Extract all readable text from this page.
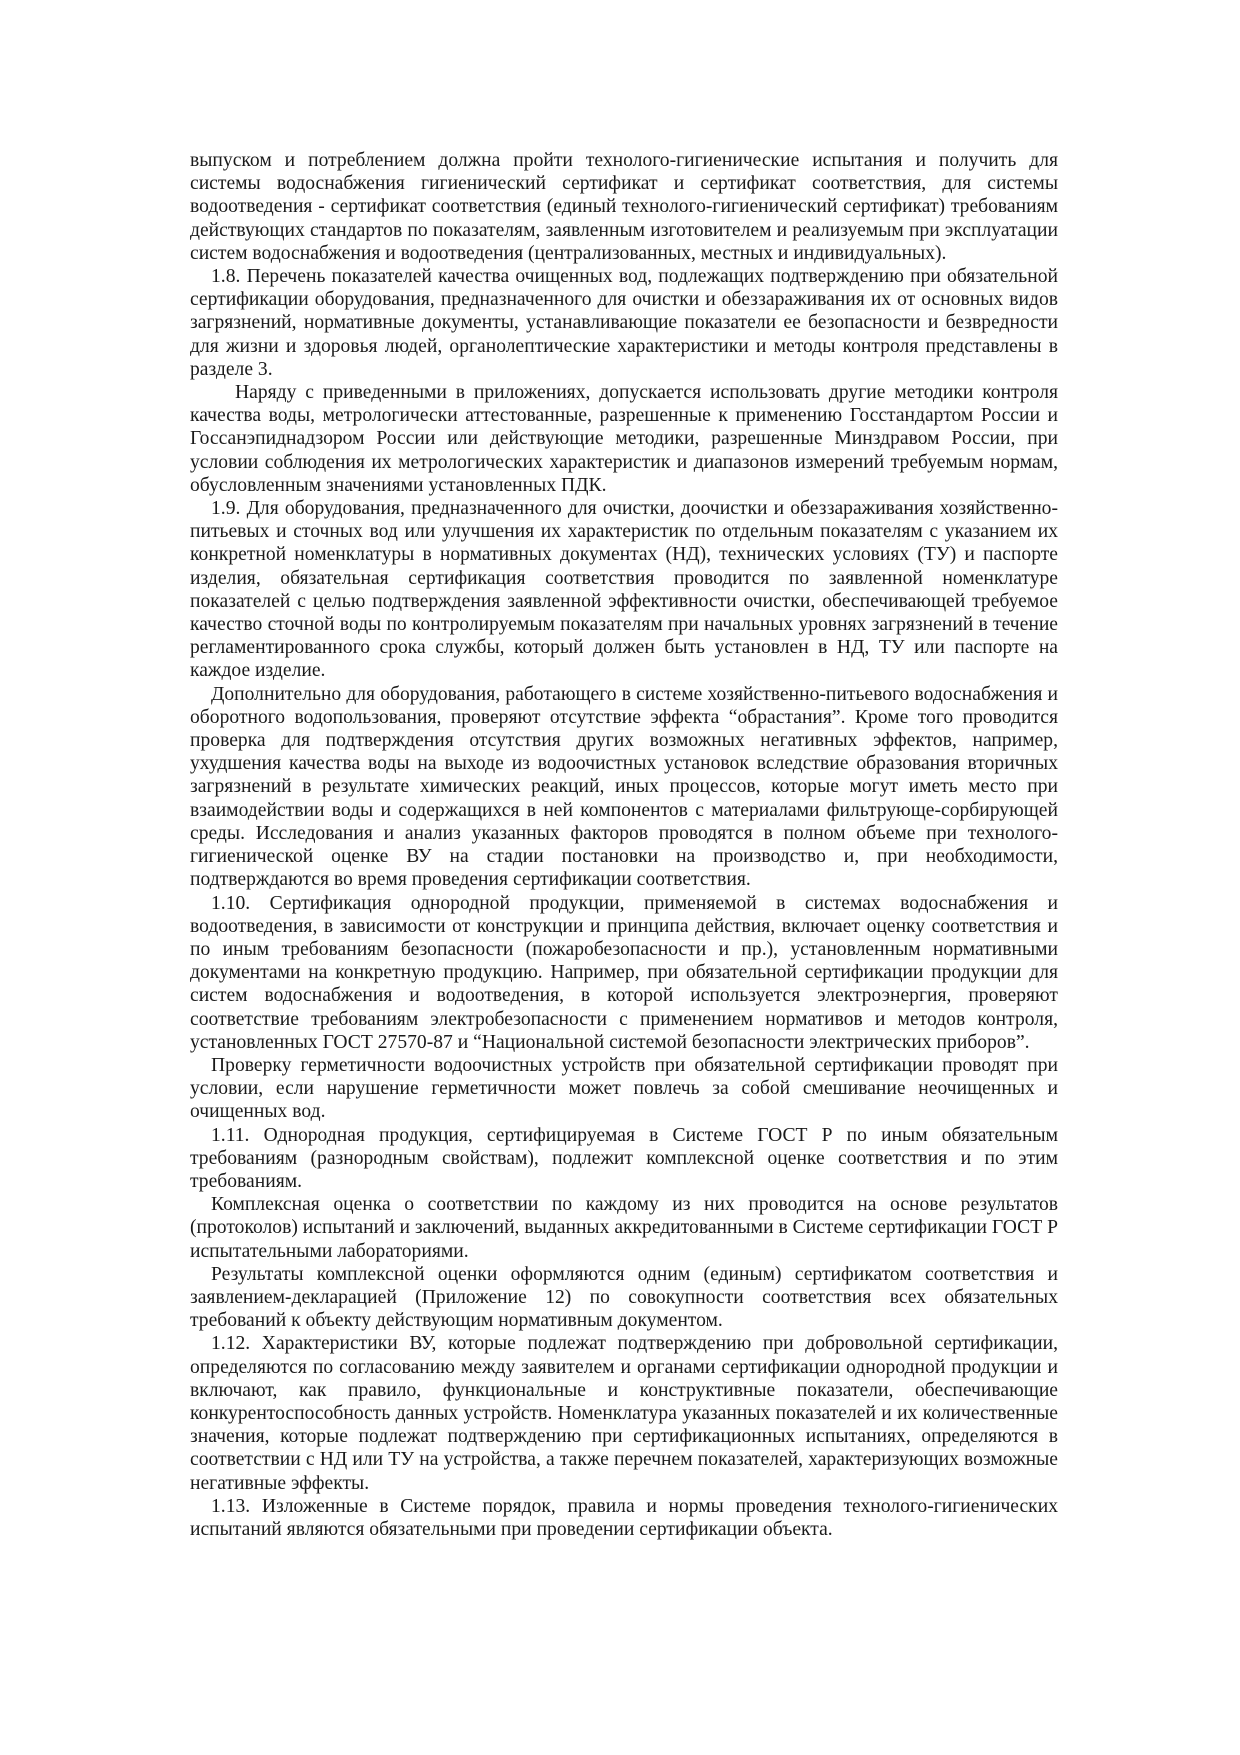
выпуском и потреблением должна пройти технолого-гигиенические испытания и получить для системы водоснабжения гигиенический сертификат и сертификат соответствия, для системы водоотведения - сертификат соответствия (единый технолого-гигиенический сертификат) требованиям действующих стандартов по показателям, заявленным изготовителем и реализуемым при эксплуатации систем водоснабжения и водоотведения (централизованных, местных и индивидуальных).

1.8. Перечень показателей качества очищенных вод, подлежащих подтверждению при обязательной сертификации оборудования, предназначенного для очистки и обеззараживания их от основных видов загрязнений, нормативные документы, устанавливающие показатели ее безопасности и безвредности для жизни и здоровья людей, органолептические характеристики и методы контроля представлены в разделе 3.

Наряду с приведенными в приложениях, допускается использовать другие методики контроля качества воды, метрологически аттестованные, разрешенные к применению Госстандартом России и Госсанэпиднадзором России или действующие методики, разрешенные Минздравом России, при условии соблюдения их метрологических характеристик и диапазонов измерений требуемым нормам, обусловленным значениями установленных ПДК.

1.9. Для оборудования, предназначенного для очистки, доочистки и обеззараживания хозяйственно-питьевых и сточных вод или улучшения их характеристик по отдельным показателям с указанием их конкретной номенклатуры в нормативных документах (НД), технических условиях (ТУ) и паспорте изделия, обязательная сертификация соответствия проводится по заявленной номенклатуре показателей с целью подтверждения заявленной эффективности очистки, обеспечивающей требуемое качество сточной воды по контролируемым показателям при начальных уровнях загрязнений в течение регламентированного срока службы, который должен быть установлен в НД, ТУ или паспорте на каждое изделие.

Дополнительно для оборудования, работающего в системе хозяйственно-питьевого водоснабжения и оборотного водопользования, проверяют отсутствие эффекта “обрастания”. Кроме того проводится проверка для подтверждения отсутствия других возможных негативных эффектов, например, ухудшения качества воды на выходе из водоочистных установок вследствие образования вторичных загрязнений в результате химических реакций, иных процессов, которые могут иметь место при взаимодействии воды и содержащихся в ней компонентов с материалами фильтрующе-сорбирующей среды. Исследования и анализ указанных факторов проводятся в полном объеме при технолого-гигиенической оценке ВУ на стадии постановки на производство и, при необходимости, подтверждаются во время проведения сертификации соответствия.

1.10. Сертификация однородной продукции, применяемой в системах водоснабжения и водоотведения, в зависимости от конструкции и принципа действия, включает оценку соответствия и по иным требованиям безопасности (пожаробезопасности и пр.), установленным нормативными документами на конкретную продукцию. Например, при обязательной сертификации продукции для систем водоснабжения и водоотведения, в которой используется электроэнергия, проверяют соответствие требованиям электробезопасности с применением нормативов и методов контроля, установленных ГОСТ 27570-87 и “Национальной системой безопасности электрических приборов”.

Проверку герметичности водоочистных устройств при обязательной сертификации проводят при условии, если нарушение герметичности может повлечь за собой смешивание неочищенных и очищенных вод.

1.11. Однородная продукция, сертифицируемая в Системе ГОСТ Р по иным обязательным требованиям (разнородным свойствам), подлежит комплексной оценке соответствия и по этим требованиям.

Комплексная оценка о соответствии по каждому из них проводится на основе результатов (протоколов) испытаний и заключений, выданных аккредитованными в Системе сертификации ГОСТ Р испытательными лабораториями.

Результаты комплексной оценки оформляются одним (единым) сертификатом соответствия и заявлением-декларацией (Приложение 12) по совокупности соответствия всех обязательных требований к объекту действующим нормативным документом.

1.12. Характеристики ВУ, которые подлежат подтверждению при добровольной сертификации, определяются по согласованию между заявителем и органами сертификации однородной продукции и включают, как правило, функциональные и конструктивные показатели, обеспечивающие конкурентоспособность данных устройств. Номенклатура указанных показателей и их количественные значения, которые подлежат подтверждению при сертификационных испытаниях, определяются в соответствии с НД или ТУ на устройства, а также перечнем показателей, характеризующих возможные негативные эффекты.

1.13. Изложенные в Системе порядок, правила и нормы проведения технолого-гигиенических испытаний являются обязательными при проведении сертификации объекта.
